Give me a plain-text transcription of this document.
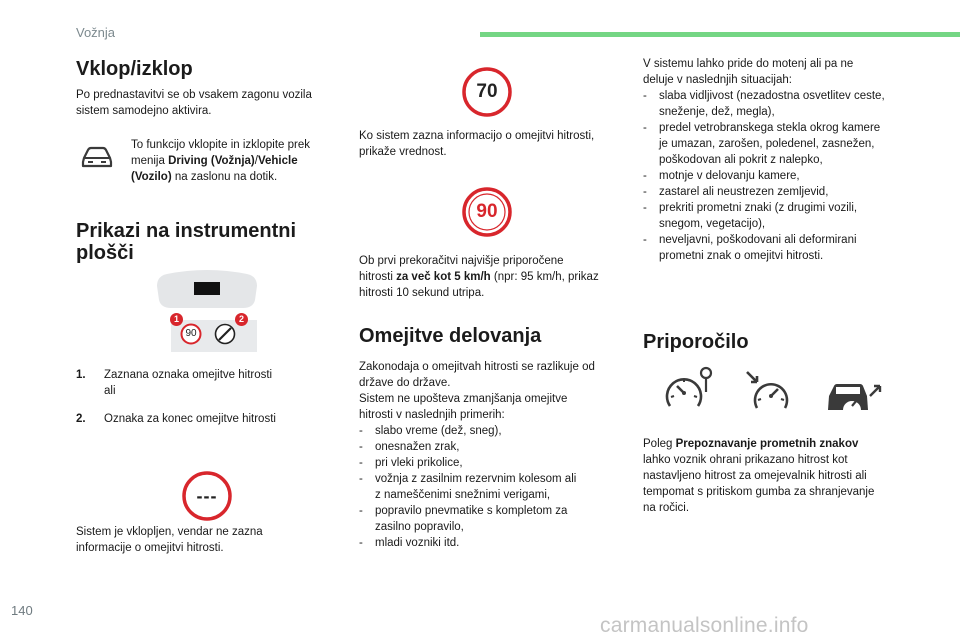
Vožnja
140
carmanualsonline.info
Vklop/izklop

Po prednastavitvi se ob vsakem zagonu vozila sistem samodejno aktivira.

To funkcijo vklopite in izklopite prek
menija Driving (Vožnja)/Vehicle
(Vozilo) na zaslonu na dotik.
Prikazi na instrumentni
plošči
90
1	2
1. Zaznana oznaka omejitve hitrosti
ali
2. Oznaka za konec omejitve hitrosti
---
Sistem je vklopljen, vendar ne zazna
informacije o omejitvi hitrosti.
70
Ko sistem zazna informacijo o omejitvi hitrosti,
prikaže vrednost.
90
Ob prvi prekoračitvi najvišje priporočene
hitrosti za več kot 5 km/h (npr: 95 km/h, prikaz
hitrosti 10 sekund utripa.
Omejitve delovanja
Zakonodaja o omejitvah hitrosti se razlikuje od
države do države.
Sistem ne upošteva zmanjšanja omejitve
hitrosti v naslednjih primerih:
- slabo vreme (dež, sneg),
- onesnažen zrak,
- pri vleki prikolice,
- vožnja z zasilnim rezervnim kolesom ali
z nameščenimi snežnimi verigami,
- popravilo pnevmatike s kompletom za
zasilno popravilo,
- mladi vozniki itd.
V sistemu lahko pride do motenj ali pa ne
deluje v naslednjih situacijah:
- slaba vidljivost (nezadostna osvetlitev ceste,
sneženje, dež, megla),
- predel vetrobranskega stekla okrog kamere
je umazan, zarošen, poledenel, zasnežen,
poškodovan ali pokrit z nalepko,
- motnje v delovanju kamere,
- zastarel ali neustrezen zemljevid,
- prekriti prometni znaki (z drugimi vozili,
snegom, vegetacijo),
- neveljavni, poškodovani ali deformirani
prometni znak o omejitvi hitrosti.
Priporočilo
Poleg Prepoznavanje prometnih znakov
lahko voznik ohrani prikazano hitrost kot
nastavljeno hitrost za omejevalnik hitrosti ali
tempomat s pritiskom gumba za shranjevanje
na ročici.
